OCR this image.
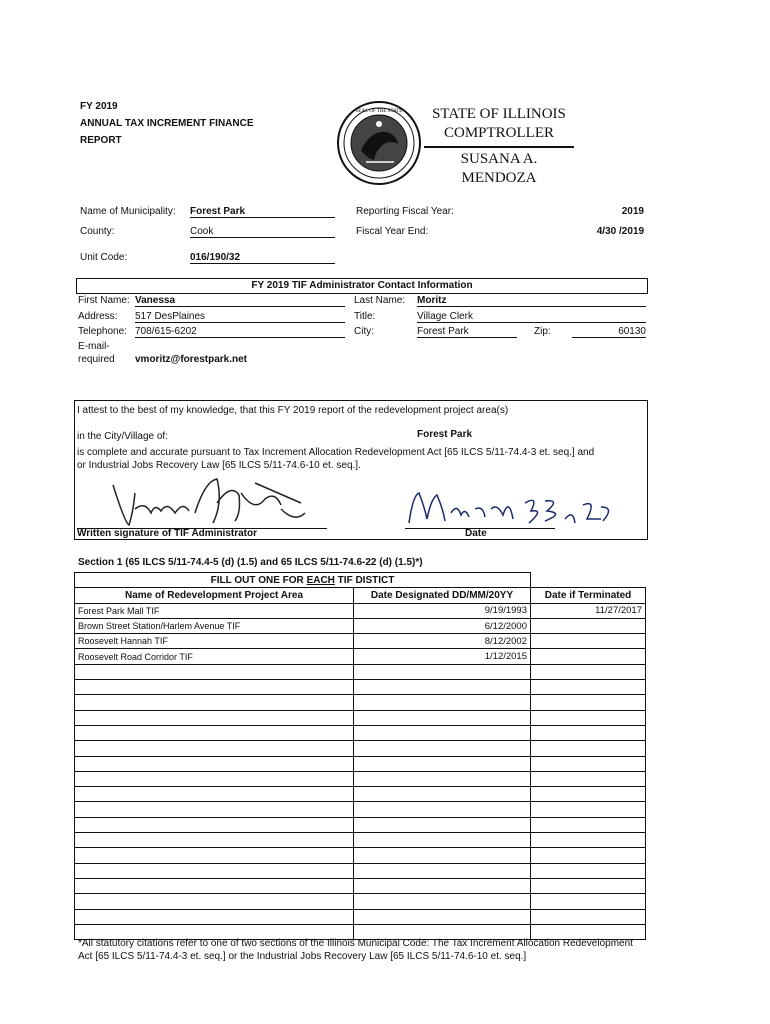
FY 2019
ANNUAL TAX INCREMENT FINANCE
REPORT
SEAL OF THE STATE	STATE OF ILLINOIS
COMPTROLLER
SUSANA A. MENDOZA
Name of Municipality: Forest Park
County:	Cook
Unit Code:	016/190/32
Reporting Fiscal Year:	2019
Fiscal Year End:	4/30 /2019
FY 2019 TIF Administrator Contact Information
First Name: Vanessa
Address: 517 DesPlaines
Telephone: 708/615-6202
E-mail-
required vmoritz@forestpark.net
Last Name: Moritz
Title:	Village Clerk
City:	Forest Park	Zip:	60130
I attest to the best of my knowledge, that this FY 2019 report of the redevelopment project area(s)
in the City/Village of:	Forest Park
is complete and accurate pursuant to Tax Increment Allocation Redevelopment Act [65 ILCS 5/11-74.4-3 et. seq.] and
or Industrial Jobs Recovery Law [65 ILCS 5/11-74.6-10 et. seq.].
Written signature of TIF Administrator	Date
Section 1 (65 ILCS 5/11-74.4-5 (d) (1.5) and 65 ILCS 5/11-74.6-22 (d) (1.5)*)
FILL OUT ONE FOR EACH TIF DISTICT		
Name of Redevelopment Project Area	Date Designated DD/MM/20YY	Date if Terminated
Forest Park Mall TIF	9/19/1993	11/27/2017
Brown Street Station/Harlem Avenue TIF	6/12/2000	
Roosevelt Hannah TIF	8/12/2002	
Roosevelt Road Corridor TIF	1/12/2015	

*All statutory citations refer to one of two sections of the Illinois Municipal Code: The Tax Increment Allocation Redevelopment Act [65 ILCS 5/11-74.4-3 et. seq.] or the Industrial Jobs Recovery Law [65 ILCS 5/11-74.6-10 et. seq.]
